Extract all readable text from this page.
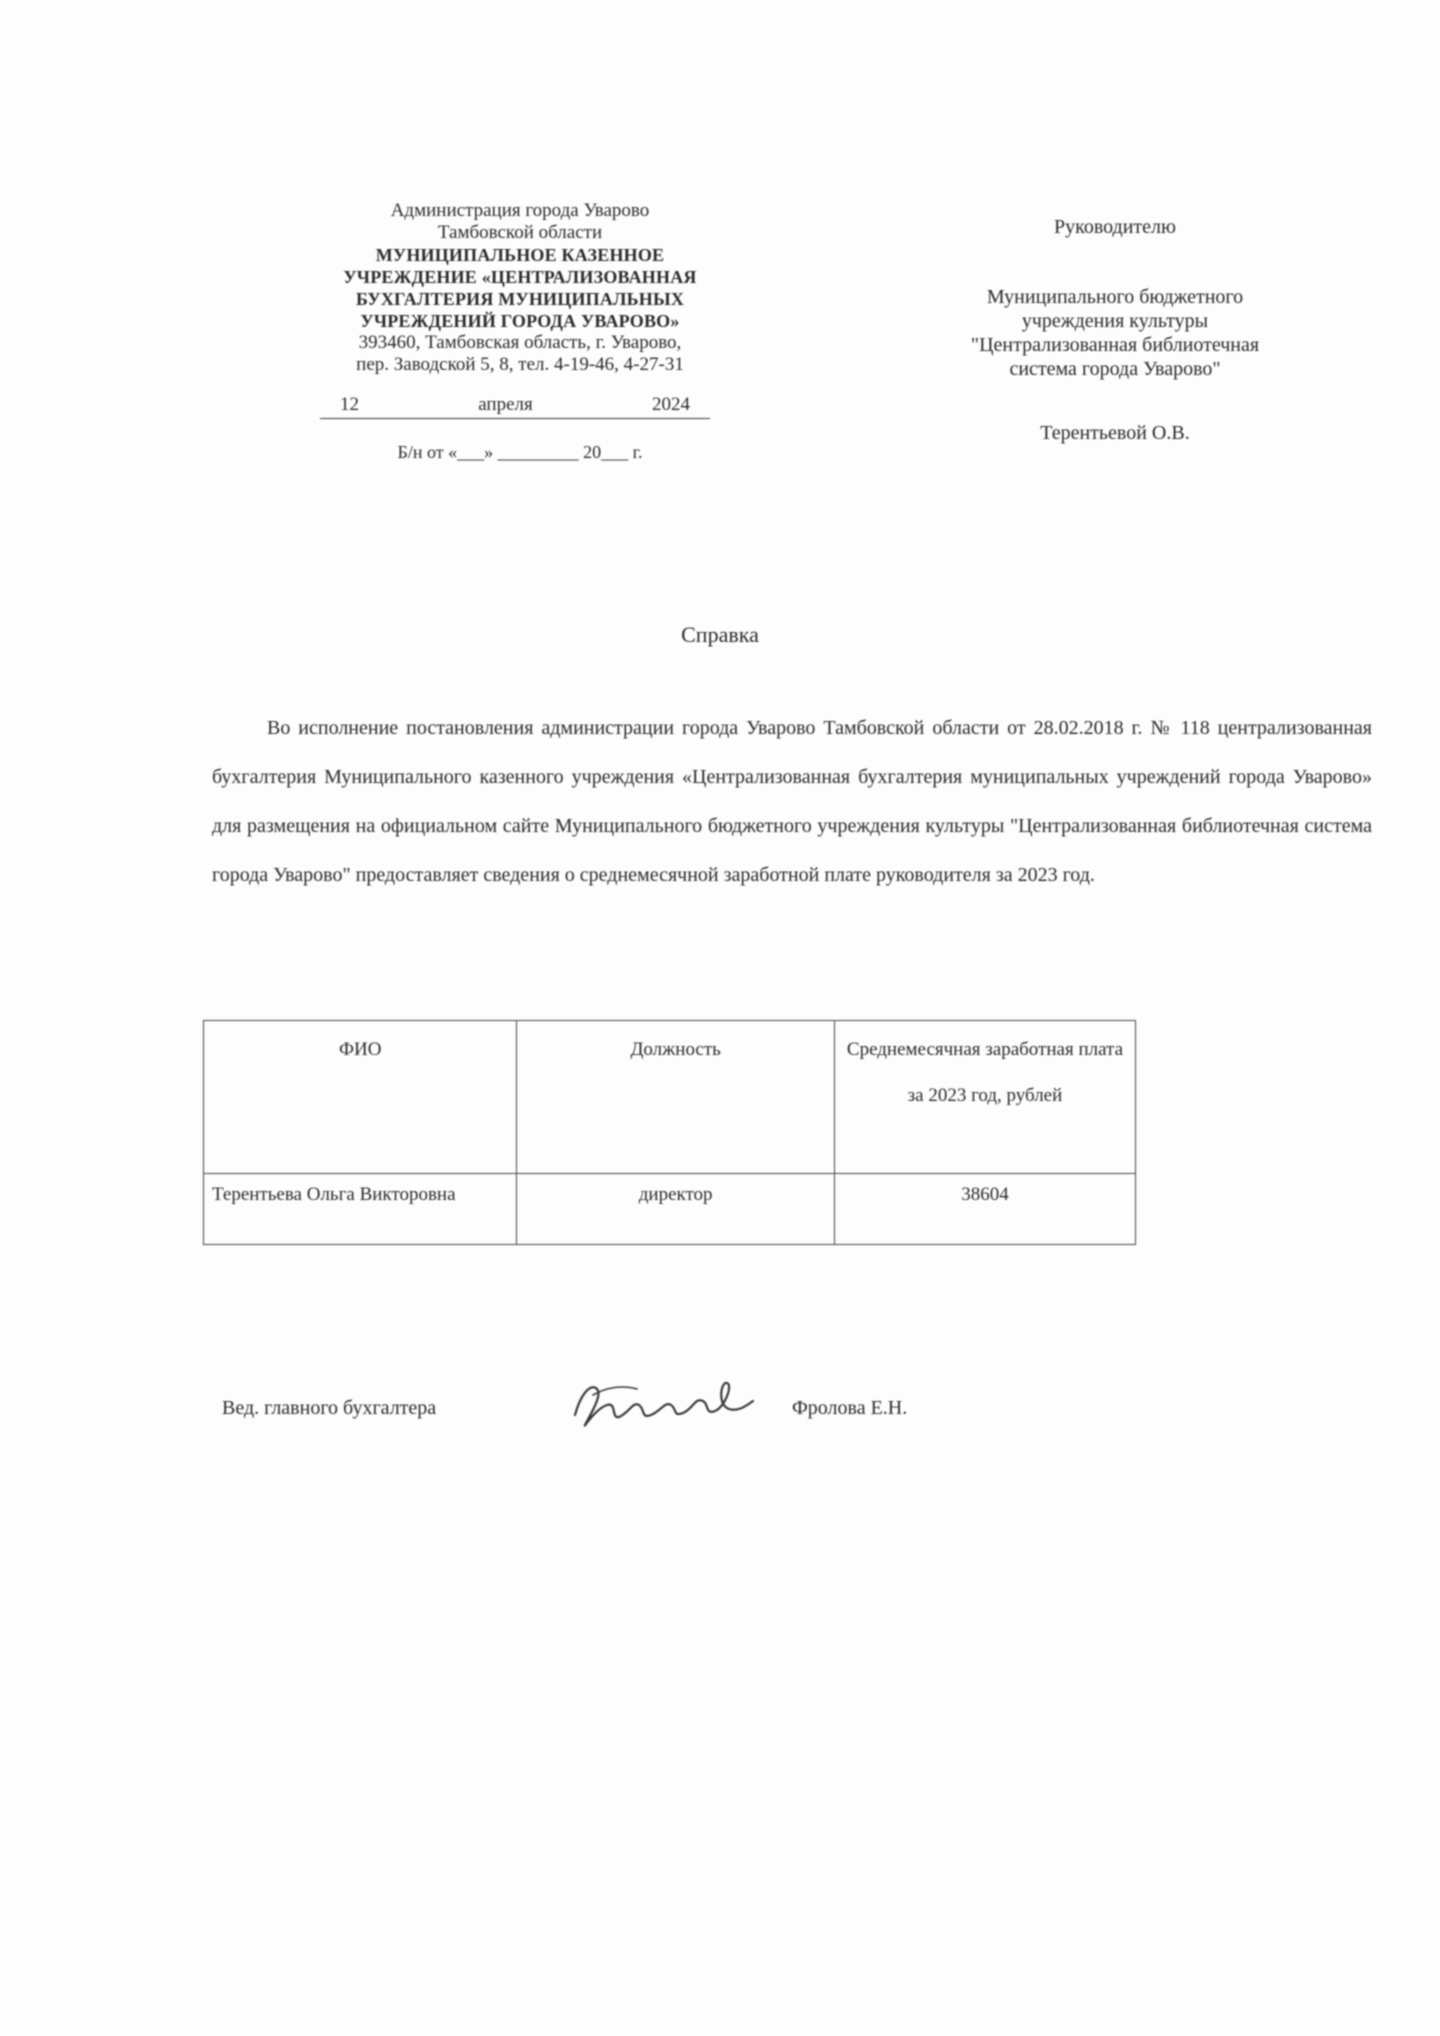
Администрация города Уварово
Тамбовской области
МУНИЦИПАЛЬНОЕ КАЗЕННОЕ
УЧРЕЖДЕНИЕ «ЦЕНТРАЛИЗОВАННАЯ
БУХГАЛТЕРИЯ МУНИЦИПАЛЬНЫХ
УЧРЕЖДЕНИЙ ГОРОДА УВАРОВО»
393460, Тамбовская область, г. Уварово,
пер. Заводской 5, 8, тел. 4-19-46, 4-27-31
12	апреля	2024
Б/н от «___» _________ 20___ г.
Руководителю
Муниципального бюджетного
учреждения культуры
"Централизованная библиотечная
система города Уварово"
Терентьевой О.В.
Справка

Во исполнение постановления администрации города Уварово Тамбовской области от 28.02.2018 г. № 118 централизованная бухгалтерия Муниципального казенного учреждения «Централизованная бухгалтерия муниципальных учреждений города Уварово» для размещения на официальном сайте Муниципального бюджетного учреждения культуры "Централизованная библиотечная система города Уварово" предоставляет сведения о среднемесячной заработной плате руководителя за 2023 год.

ФИО	Должность	Среднемесячная заработная плата за 2023 год, рублей
Терентьева Ольга Викторовна	директор	38604
Вед. главного бухгалтера	Фролова Е.Н.
